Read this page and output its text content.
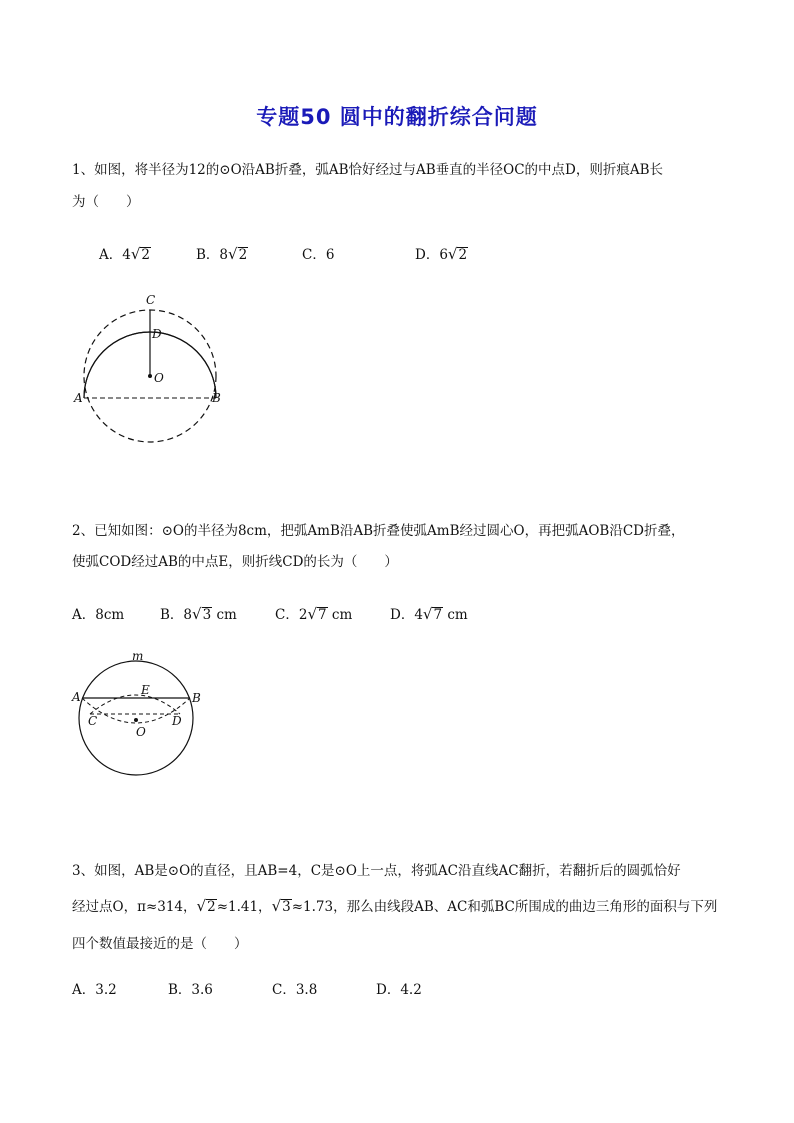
专题50 圆中的翻折综合问题
1、如图，将半径为12的⊙O沿AB折叠，弧AB恰好经过与AB垂直的半径OC的中点D，则折痕AB长
为（　　）
A．4√2	B．8√2	C．6	D．6√2
C
D
O
A	B
2、已知如图：⊙O的半径为8cm，把弧AmB沿AB折叠使弧AmB经过圆心O，再把弧AOB沿CD折叠，
使弧COD经过AB的中点E，则折线CD的长为（　　）
A．8cm	B．8√3 cm	C．2√7 cm	D．4√7 cm
m
A	E
B
C	D
O
3、如图，AB是⊙O的直径，且AB=4，C是⊙O上一点，将弧AC沿直线AC翻折，若翻折后的圆弧恰好
经过点O，π≈314，√2≈1.41，√3≈1.73，那么由线段AB、AC和弧BC所围成的曲边三角形的面积与下列
四个数值最接近的是（　　）
A．3.2	B．3.6	C．3.8	D．4.2
